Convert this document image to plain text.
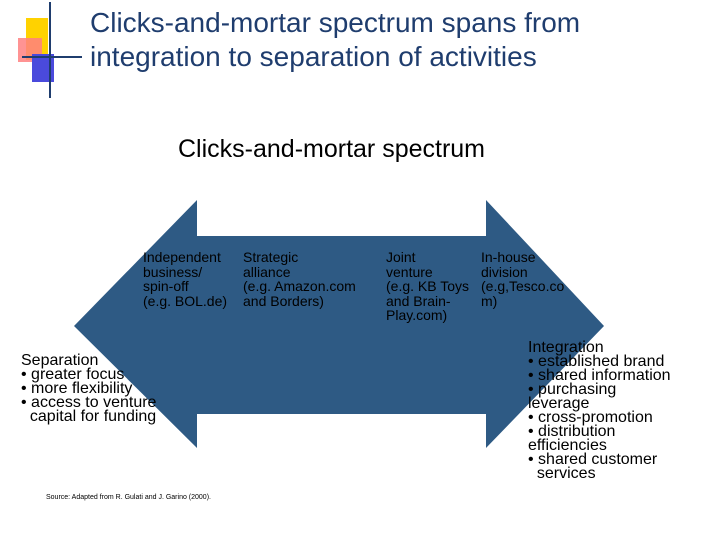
Clicks-and-mortar spectrum spans from
integration to separation of activities
Clicks-and-mortar spectrum
Independent
business/
spin-off
(e.g. BOL.de)
Strategic
alliance
(e.g. Amazon.com
and Borders)
Joint
venture
(e.g. KB Toys
and Brain-
Play.com)
In-house
division
(e.g,Tesco.co
m)
Separation
• greater focus
• more flexibility
• access to venture
capital for funding
Integration
• established brand
• shared information
• purchasing
leverage
• cross-promotion
• distribution
efficiencies
• shared customer
services
Source: Adapted from R. Gulati and J. Garino (2000).
